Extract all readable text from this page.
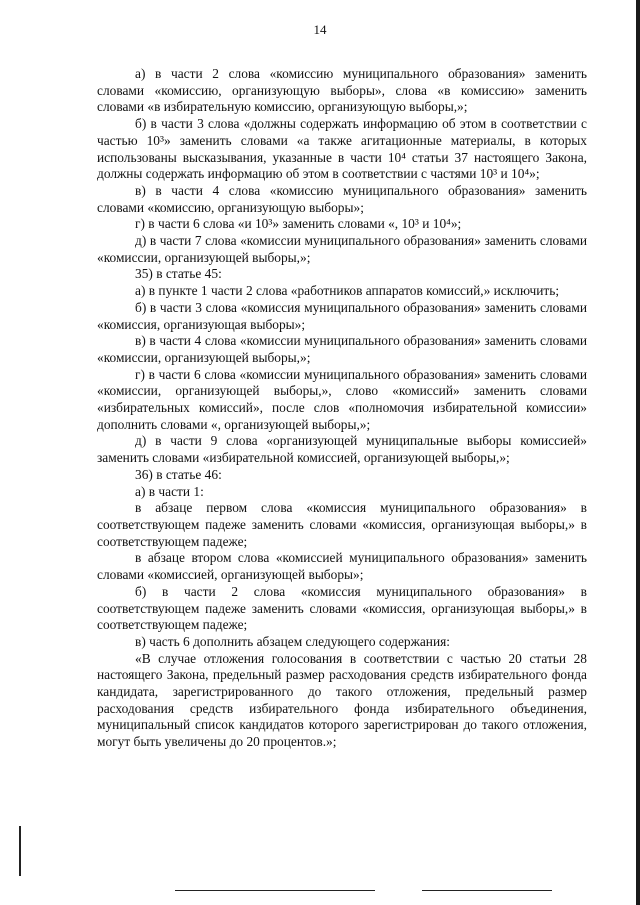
14

а) в части 2 слова «комиссию муниципального образования» заменить словами «комиссию, организующую выборы», слова «в комиссию» заменить словами «в избирательную комиссию, организующую выборы,»;

б) в части 3 слова «должны содержать информацию об этом в соответствии с частью 10³» заменить словами «а также агитационные материалы, в которых использованы высказывания, указанные в части 10⁴ статьи 37 настоящего Закона, должны содержать информацию об этом в соответствии с частями 10³ и 10⁴»;

в) в части 4 слова «комиссию муниципального образования» заменить словами «комиссию, организующую выборы»;

г) в части 6 слова «и 10³» заменить словами «, 10³ и 10⁴»;

д) в части 7 слова «комиссии муниципального образования» заменить словами «комиссии, организующей выборы,»;

35) в статье 45:

а) в пункте 1 части 2 слова «работников аппаратов комиссий,» исключить;

б) в части 3 слова «комиссия муниципального образования» заменить словами «комиссия, организующая выборы»;

в) в части 4 слова «комиссии муниципального образования» заменить словами «комиссии, организующей выборы,»;

г) в части 6 слова «комиссии муниципального образования» заменить словами «комиссии, организующей выборы,», слово «комиссий» заменить словами «избирательных комиссий», после слов «полномочия избирательной комиссии» дополнить словами «, организующей выборы,»;

д) в части 9 слова «организующей муниципальные выборы комиссией» заменить словами «избирательной комиссией, организующей выборы,»;

36) в статье 46:

а) в части 1:

в абзаце первом слова «комиссия муниципального образования» в соответствующем падеже заменить словами «комиссия, организующая выборы,» в соответствующем падеже;

в абзаце втором слова «комиссией муниципального образования» заменить словами «комиссией, организующей выборы»;

б) в части 2 слова «комиссия муниципального образования» в соответствующем падеже заменить словами «комиссия, организующая выборы,» в соответствующем падеже;

в) часть 6 дополнить абзацем следующего содержания:

«В случае отложения голосования в соответствии с частью 20 статьи 28 настоящего Закона, предельный размер расходования средств избирательного фонда кандидата, зарегистрированного до такого отложения, предельный размер расходования средств избирательного фонда избирательного объединения, муниципальный список кандидатов которого зарегистрирован до такого отложения, могут быть увеличены до 20 процентов.»;
